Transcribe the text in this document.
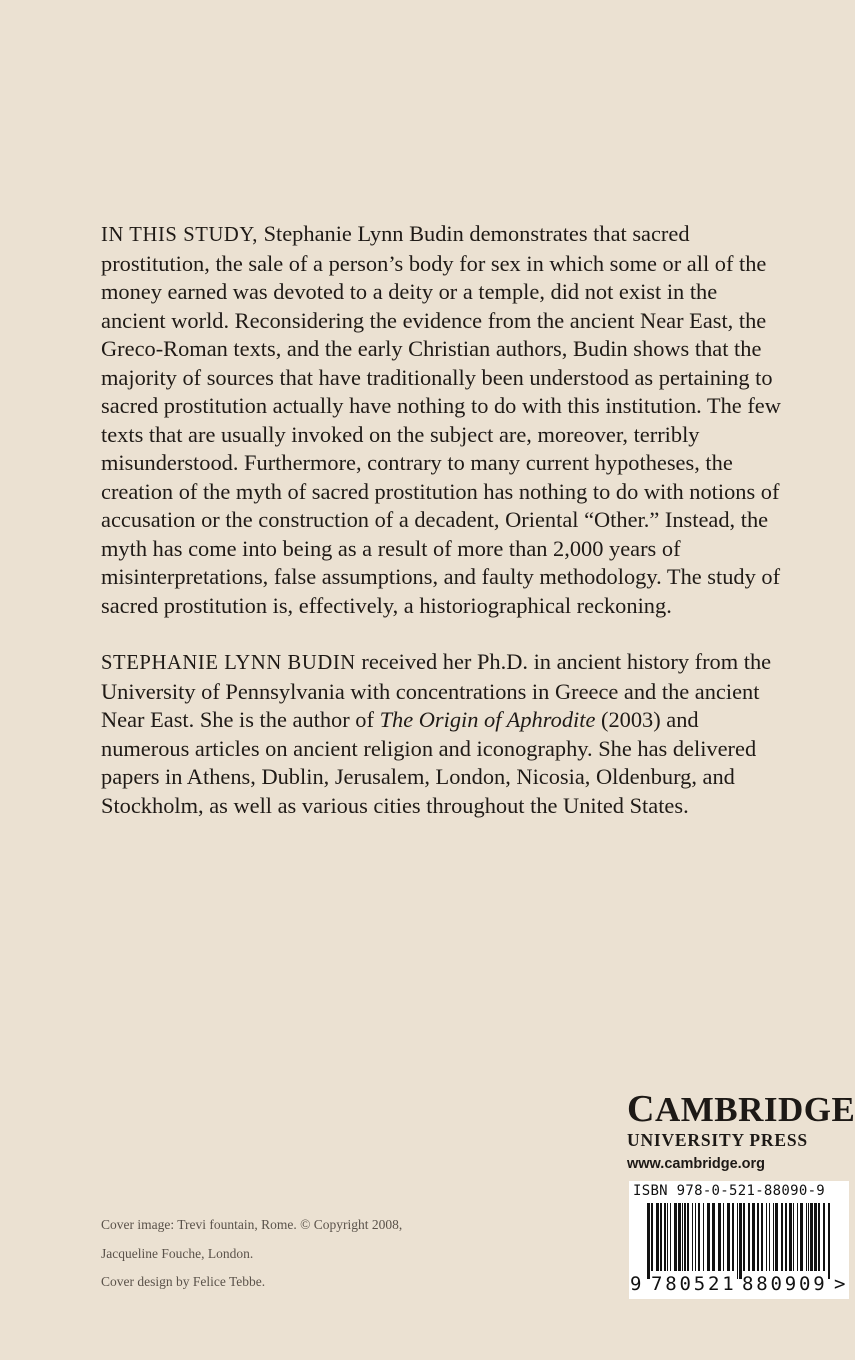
IN THIS STUDY, Stephanie Lynn Budin demonstrates that sacred prostitution, the sale of a person’s body for sex in which some or all of the money earned was devoted to a deity or a temple, did not exist in the ancient world. Reconsidering the evidence from the ancient Near East, the Greco-Roman texts, and the early Christian authors, Budin shows that the majority of sources that have traditionally been understood as pertaining to sacred prostitution actually have nothing to do with this institution. The few texts that are usually invoked on the subject are, moreover, terribly misunderstood. Furthermore, contrary to many current hypotheses, the creation of the myth of sacred prostitution has nothing to do with notions of accusation or the construction of a decadent, Oriental “Other.” Instead, the myth has come into being as a result of more than 2,000 years of misinterpretations, false assumptions, and faulty methodology. The study of sacred prostitution is, effectively, a historiographical reckoning.

STEPHANIE LYNN BUDIN received her Ph.D. in ancient history from the University of Pennsylvania with concentrations in Greece and the ancient Near East. She is the author of The Origin of Aphrodite (2003) and numerous articles on ancient religion and iconography. She has delivered papers in Athens, Dublin, Jerusalem, London, Nicosia, Oldenburg, and Stockholm, as well as various cities throughout the United States.

Cover image: Trevi fountain, Rome. © Copyright 2008,
Jacqueline Fouche, London.
Cover design by Felice Tebbe.
CAMBRIDGE
UNIVERSITY PRESS
www.cambridge.org
ISBN 978-0-521-88090-9
9 780521 880909 >
